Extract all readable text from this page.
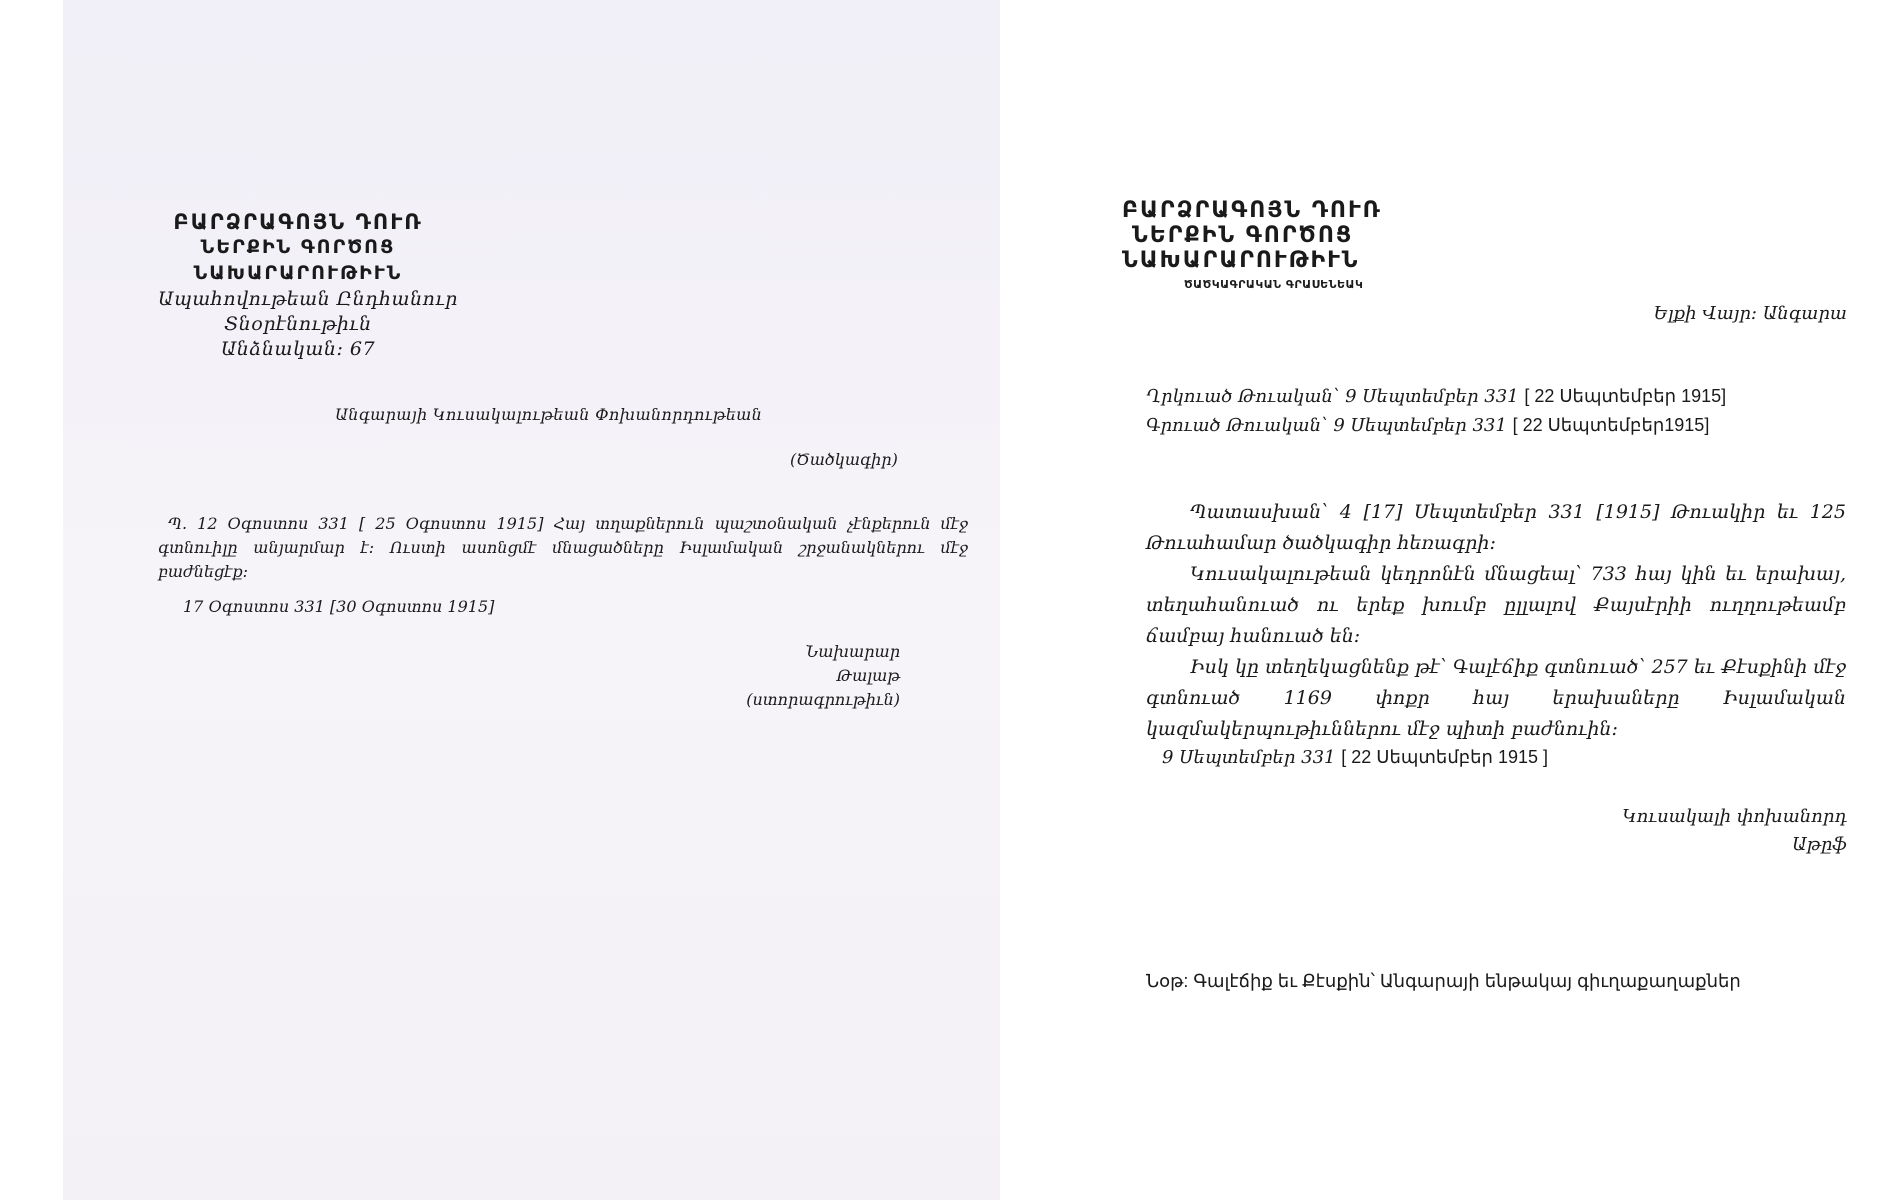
ԲԱՐՁՐԱԳՈՅՆ ԴՈՒՌ
ՆԵՐՔԻՆ ԳՈՐԾՈՑ
ՆԱԽԱՐԱՐՈՒԹԻՒՆ
Ապահովութեան Ընդհանուր
Տնօրէնութիւն
Անձնական: 67
Անգարայի Կուսակալութեան Փոխանորդութեան
(Ծածկագիր)
Պ. 12 Օգոստոս 331 [ 25 Օգոստոս 1915] Հայ տղաքներուն պաշտօնական չէնքերուն մէջ գտնուիլը անյարմար է: Ուստի ասոնցմէ մնացածները Իսլամական շրջանակներու մէջ բաժնեցէք:
17 Օգոստոս 331 [30 Օգոստոս 1915]
Նախարար
Թալաթ
(ստորագրութիւն)
ԲԱՐՁՐԱԳՈՅՆ ԴՈՒՌ
ՆԵՐՔԻՆ ԳՈՐԾՈՑ
ՆԱԽԱՐԱՐՈՒԹԻՒՆ
ԾԱԾԿԱԳՐԱԿԱՆ ԳՐԱՍԵՆԵԱԿ
Ելքի Վայր: Անգարա
Ղրկուած Թուական՝ 9 Սեպտեմբեր 331 [ 22 Սեպտեմբեր 1915]
Գրուած Թուական՝ 9 Սեպտեմբեր 331 [ 22 Սեպտեմբեր1915]

Պատասխան՝ 4 [17] Սեպտեմբեր 331 [1915] Թուակիր եւ 125 Թուահամար ծածկագիր հեռագրի:

Կուսակալութեան կեդրոնէն մնացեալ՝ 733 հայ կին եւ երախայ, տեղահանուած ու երեք խումբ ըլլալով Քայսէրիի ուղղութեամբ ճամբայ հանուած են:

Իսկ կը տեղեկացնենք թէ՝ Գալէճիք գտնուած՝ 257 եւ Քէսքինի մէջ գտնուած 1169 փոքր հայ երախաները Իսլամական կազմակերպութիւններու մէջ պիտի բաժնուին:

9 Սեպտեմբեր 331 [ 22 Սեպտեմբեր 1915 ]
Կուսակալի փոխանորդ
Աթըֆ
Նօթ: Գալէճիք եւ Քէսքին՝ Անգարայի ենթակայ գիւղաքաղաքներ
